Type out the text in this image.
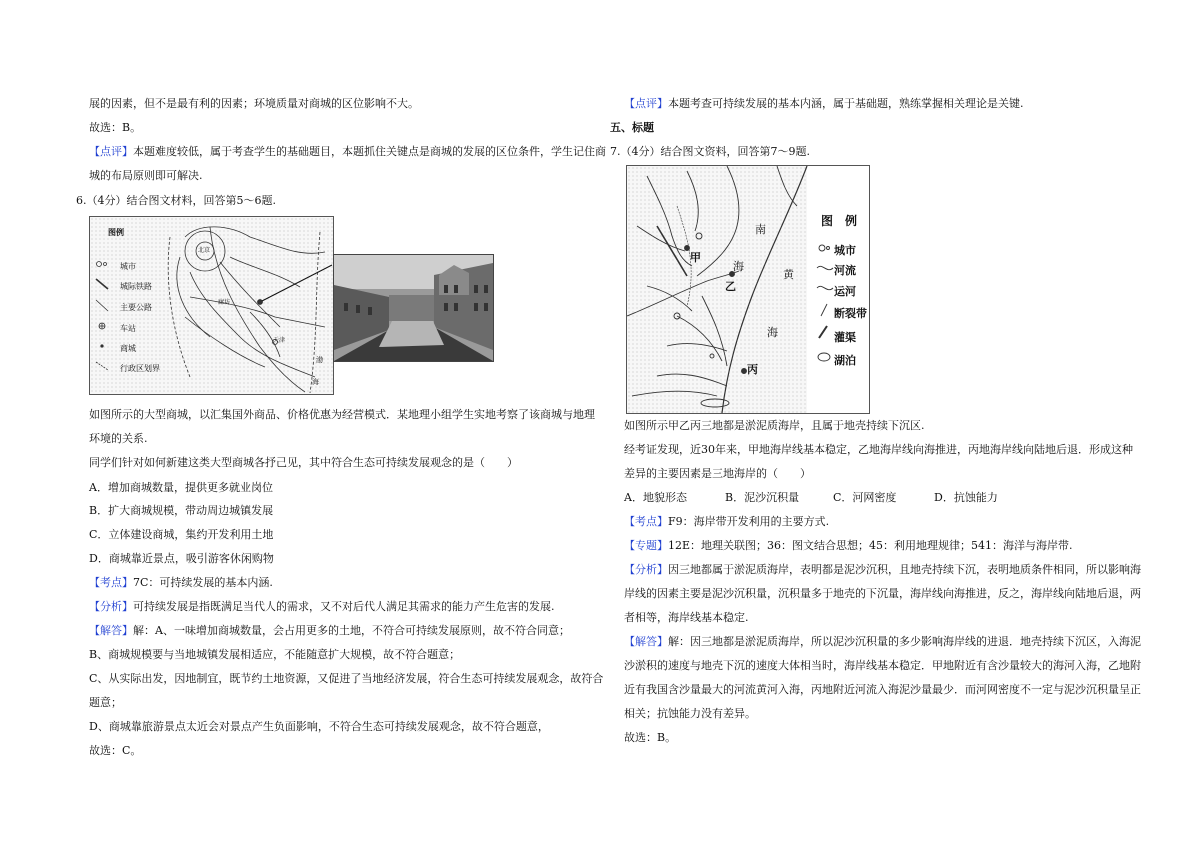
展的因素，但不是最有利的因素；环境质量对商城的区位影响不大。
故选：B。
【点评】本题难度较低，属于考查学生的基础题目，本题抓住关键点是商城的发展的区位条件，学生记住商
城的布局原则即可解决.
6.（4分）结合图文材料，回答第5～6题.
图例
城市
城际铁路
主要公路
车站
商城
行政区划界
北京
廊坊
天津
渤
海
如图所示的大型商城，以汇集国外商品、价格优惠为经营模式．某地理小组学生实地考察了该商城与地理
环境的关系.
同学们针对如何新建这类大型商城各抒己见，其中符合生态可持续发展观念的是（　　）
A．增加商城数量，提供更多就业岗位
B．扩大商城规模，带动周边城镇发展
C．立体建设商城，集约开发利用土地
D．商城靠近景点，吸引游客休闲购物
【考点】7C：可持续发展的基本内涵.
【分析】可持续发展是指既满足当代人的需求，又不对后代人满足其需求的能力产生危害的发展.
【解答】解：A、一味增加商城数量，会占用更多的土地，不符合可持续发展原则，故不符合同意；
B、商城规模要与当地城镇发展相适应，不能随意扩大规模，故不符合题意；
C、从实际出发，因地制宜，既节约土地资源，又促进了当地经济发展，符合生态可持续发展观念，故符合
题意；
D、商城靠旅游景点太近会对景点产生负面影响，不符合生态可持续发展观念，故不符合题意，
故选：C。
【点评】本题考查可持续发展的基本内涵，属于基础题，熟练掌握相关理论是关键.
五、标题
7.（4分）结合图文资料，回答第7～9题.
图　例
城市
河流
运河
断裂带
灌渠
湖泊
甲
乙
丙
南
黄
海
海
如图所示甲乙丙三地都是淤泥质海岸，且属于地壳持续下沉区.
经考证发现，近30年来，甲地海岸线基本稳定，乙地海岸线向海推进，丙地海岸线向陆地后退．形成这种
差异的主要因素是三地海岸的（　　）
A．地貌形态	B．泥沙沉积量	C．河网密度	D．抗蚀能力
【考点】F9：海岸带开发利用的主要方式.
【专题】12E：地理关联图；36：图文结合思想；45：利用地理规律；541：海洋与海岸带.
【分析】因三地都属于淤泥质海岸，表明都是泥沙沉积，且地壳持续下沉，表明地质条件相同，所以影响海
岸线的因素主要是泥沙沉积量，沉积量多于地壳的下沉量，海岸线向海推进，反之，海岸线向陆地后退，两
者相等，海岸线基本稳定.
【解答】解：因三地都是淤泥质海岸，所以泥沙沉积量的多少影响海岸线的进退．地壳持续下沉区，入海泥
沙淤积的速度与地壳下沉的速度大体相当时，海岸线基本稳定．甲地附近有含沙量较大的海河入海，乙地附
近有我国含沙量最大的河流黄河入海，丙地附近河流入海泥沙量最少．而河网密度不一定与泥沙沉积量呈正
相关；抗蚀能力没有差异。
故选：B。
